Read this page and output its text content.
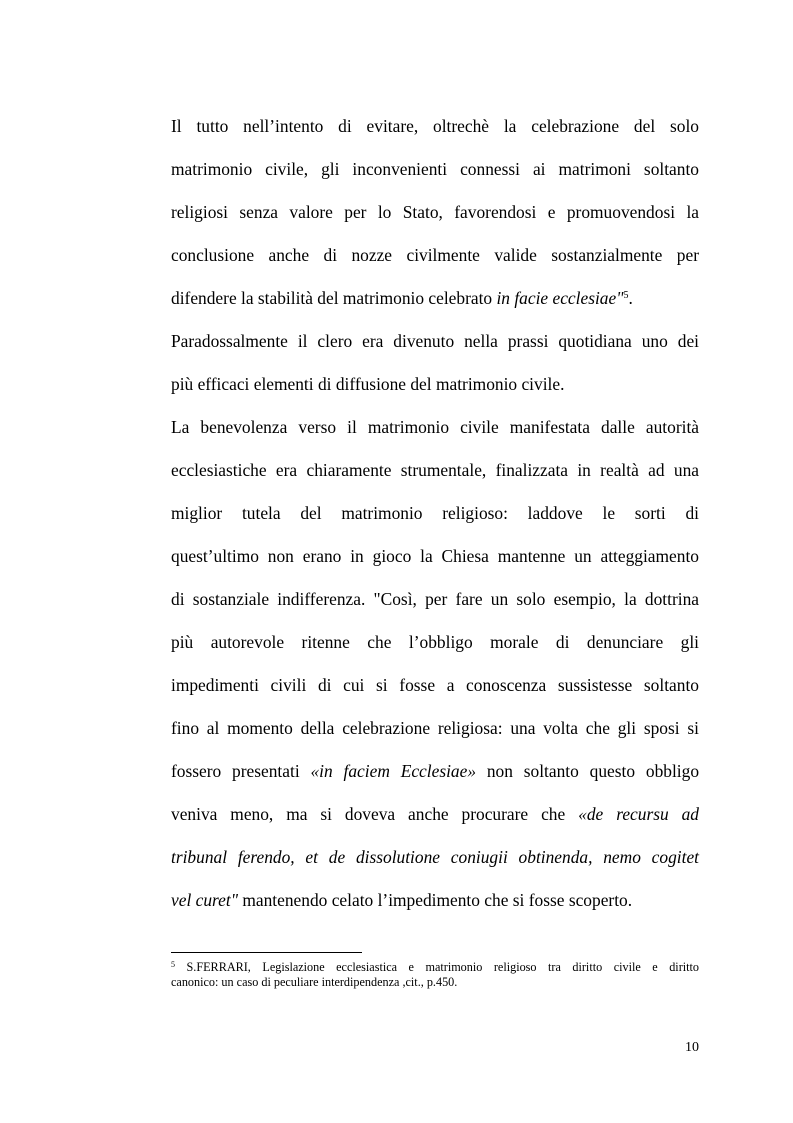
Il tutto nell’intento di evitare, oltrechè la celebrazione del solo
matrimonio civile, gli inconvenienti connessi ai matrimoni soltanto
religiosi senza valore per lo Stato, favorendosi e promuovendosi la
conclusione anche di nozze civilmente valide sostanzialmente per
difendere la stabilità del matrimonio celebrato in facie ecclesiae"$^5$.
Paradossalmente il clero era divenuto nella prassi quotidiana uno dei
più efficaci elementi di diffusione del matrimonio civile.
La benevolenza verso il matrimonio civile manifestata dalle autorità
ecclesiastiche era chiaramente strumentale, finalizzata in realtà ad una
miglior tutela del matrimonio religioso: laddove le sorti di
quest’ultimo non erano in gioco la Chiesa mantenne un atteggiamento
di sostanziale indifferenza. "Così, per fare un solo esempio, la dottrina
più autorevole ritenne che l’obbligo morale di denunciare gli
impedimenti civili di cui si fosse a conoscenza sussistesse soltanto
fino al momento della celebrazione religiosa: una volta che gli sposi si
fossero presentati «in faciem Ecclesiae» non soltanto questo obbligo
veniva meno, ma si doveva anche procurare che «de recursu ad
tribunal ferendo, et de dissolutione coniugii obtinenda, nemo cogitet
vel curet" mantenendo celato l’impedimento che si fosse scoperto.
$^5$ S.FERRARI, Legislazione ecclesiastica e matrimonio religioso tra diritto civile e diritto
canonico: un caso di peculiare interdipendenza ,cit., p.450.
10
